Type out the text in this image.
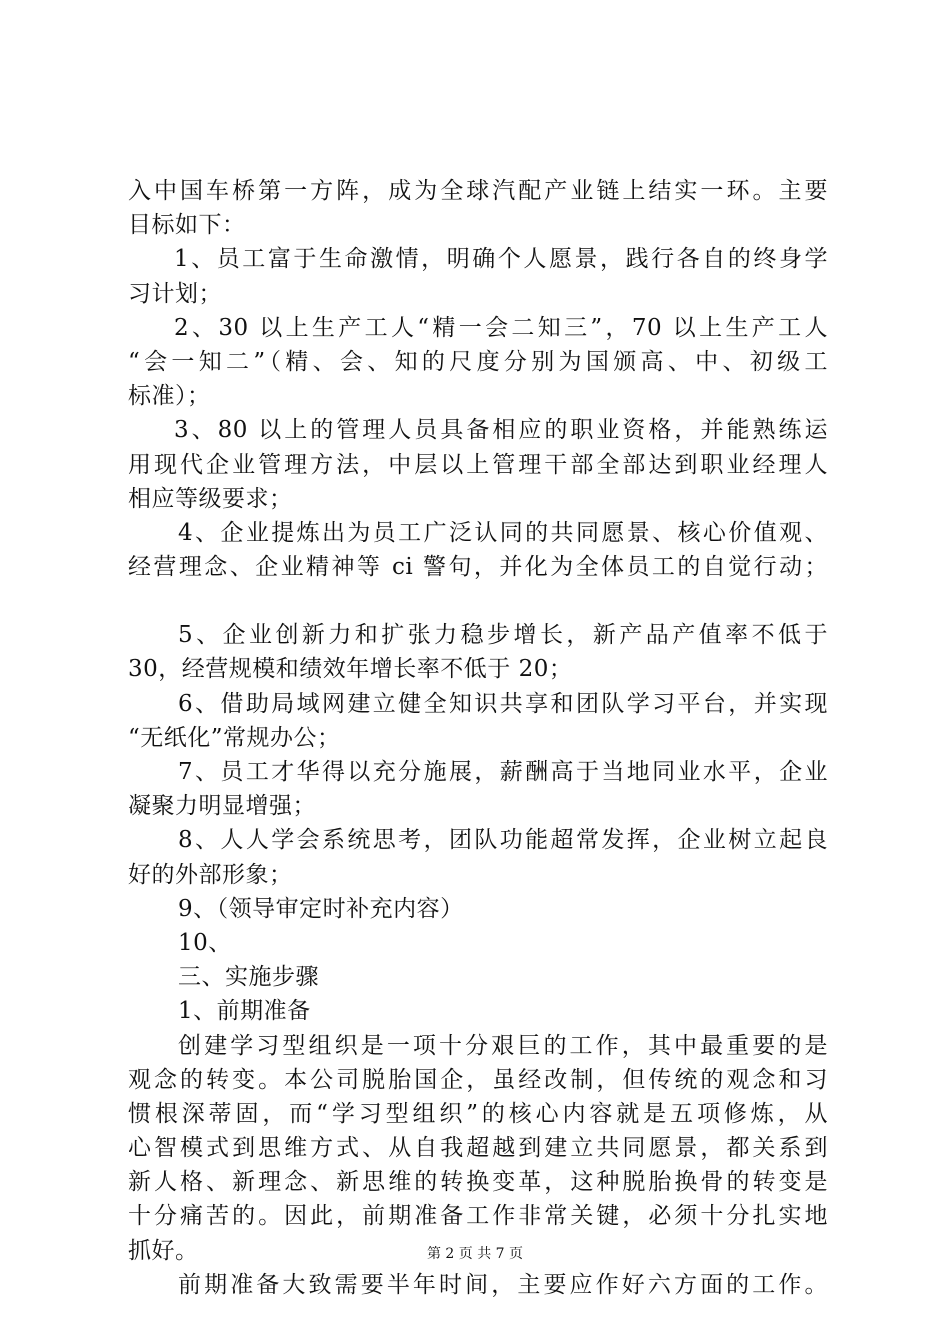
入中国车桥第一方阵，成为全球汽配产业链上结实一环。主要
目标如下：
1、员工富于生命激情，明确个人愿景，践行各自的终身学
习计划；
2、30 以上生产工人“精一会二知三”，70 以上生产工人
“会一知二”（精、会、知的尺度分别为国颁高、中、初级工
标准）；
3、80 以上的管理人员具备相应的职业资格，并能熟练运
用现代企业管理方法，中层以上管理干部全部达到职业经理人
相应等级要求；
4、企业提炼出为员工广泛认同的共同愿景、核心价值观、
经营理念、企业精神等 ci 警句，并化为全体员工的自觉行动；
5、企业创新力和扩张力稳步增长，新产品产值率不低于
30，经营规模和绩效年增长率不低于 20；
6、借助局域网建立健全知识共享和团队学习平台，并实现
“无纸化”常规办公；
7、员工才华得以充分施展，薪酬高于当地同业水平，企业
凝聚力明显增强；
8、人人学会系统思考，团队功能超常发挥，企业树立起良
好的外部形象；
9、（领导审定时补充内容）
10、
三、实施步骤
1、前期准备
创建学习型组织是一项十分艰巨的工作，其中最重要的是
观念的转变。本公司脱胎国企，虽经改制，但传统的观念和习
惯根深蒂固，而“学习型组织”的核心内容就是五项修炼，从
心智模式到思维方式、从自我超越到建立共同愿景，都关系到
新人格、新理念、新思维的转换变革，这种脱胎换骨的转变是
十分痛苦的。因此，前期准备工作非常关键，必须十分扎实地
抓好。
前期准备大致需要半年时间，主要应作好六方面的工作。
第 2 页 共 7 页
